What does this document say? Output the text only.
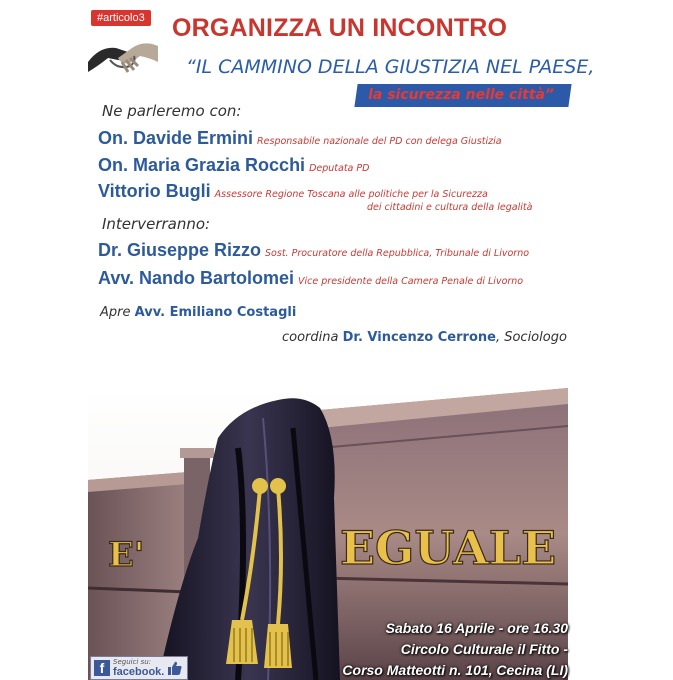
#articolo3 ORGANIZZA UN INCONTRO
“IL CAMMINO DELLA GIUSTIZIA NEL PAESE,
la sicurezza nelle città”
Ne parleremo con:
On. Davide Ermini Responsabile nazionale del PD con delega Giustizia
On. Maria Grazia Rocchi Deputata PD
Vittorio Bugli Assessore Regione Toscana alle politiche per la Sicurezza
dei cittadini e cultura della legalità
Interverranno:
Dr. Giuseppe Rizzo Sost. Procuratore della Repubblica, Tribunale di Livorno
Avv. Nando Bartolomei Vice presidente della Camera Penale di Livorno
Apre Avv. Emiliano Costagli
coordina Dr. Vincenzo Cerrone, Sociologo
EGUALE
E'
Sabato 16 Aprile - ore 16.30
Circolo Culturale il Fitto -
Corso Matteotti n. 101, Cecina (LI)
f	Seguici su:
facebook.
